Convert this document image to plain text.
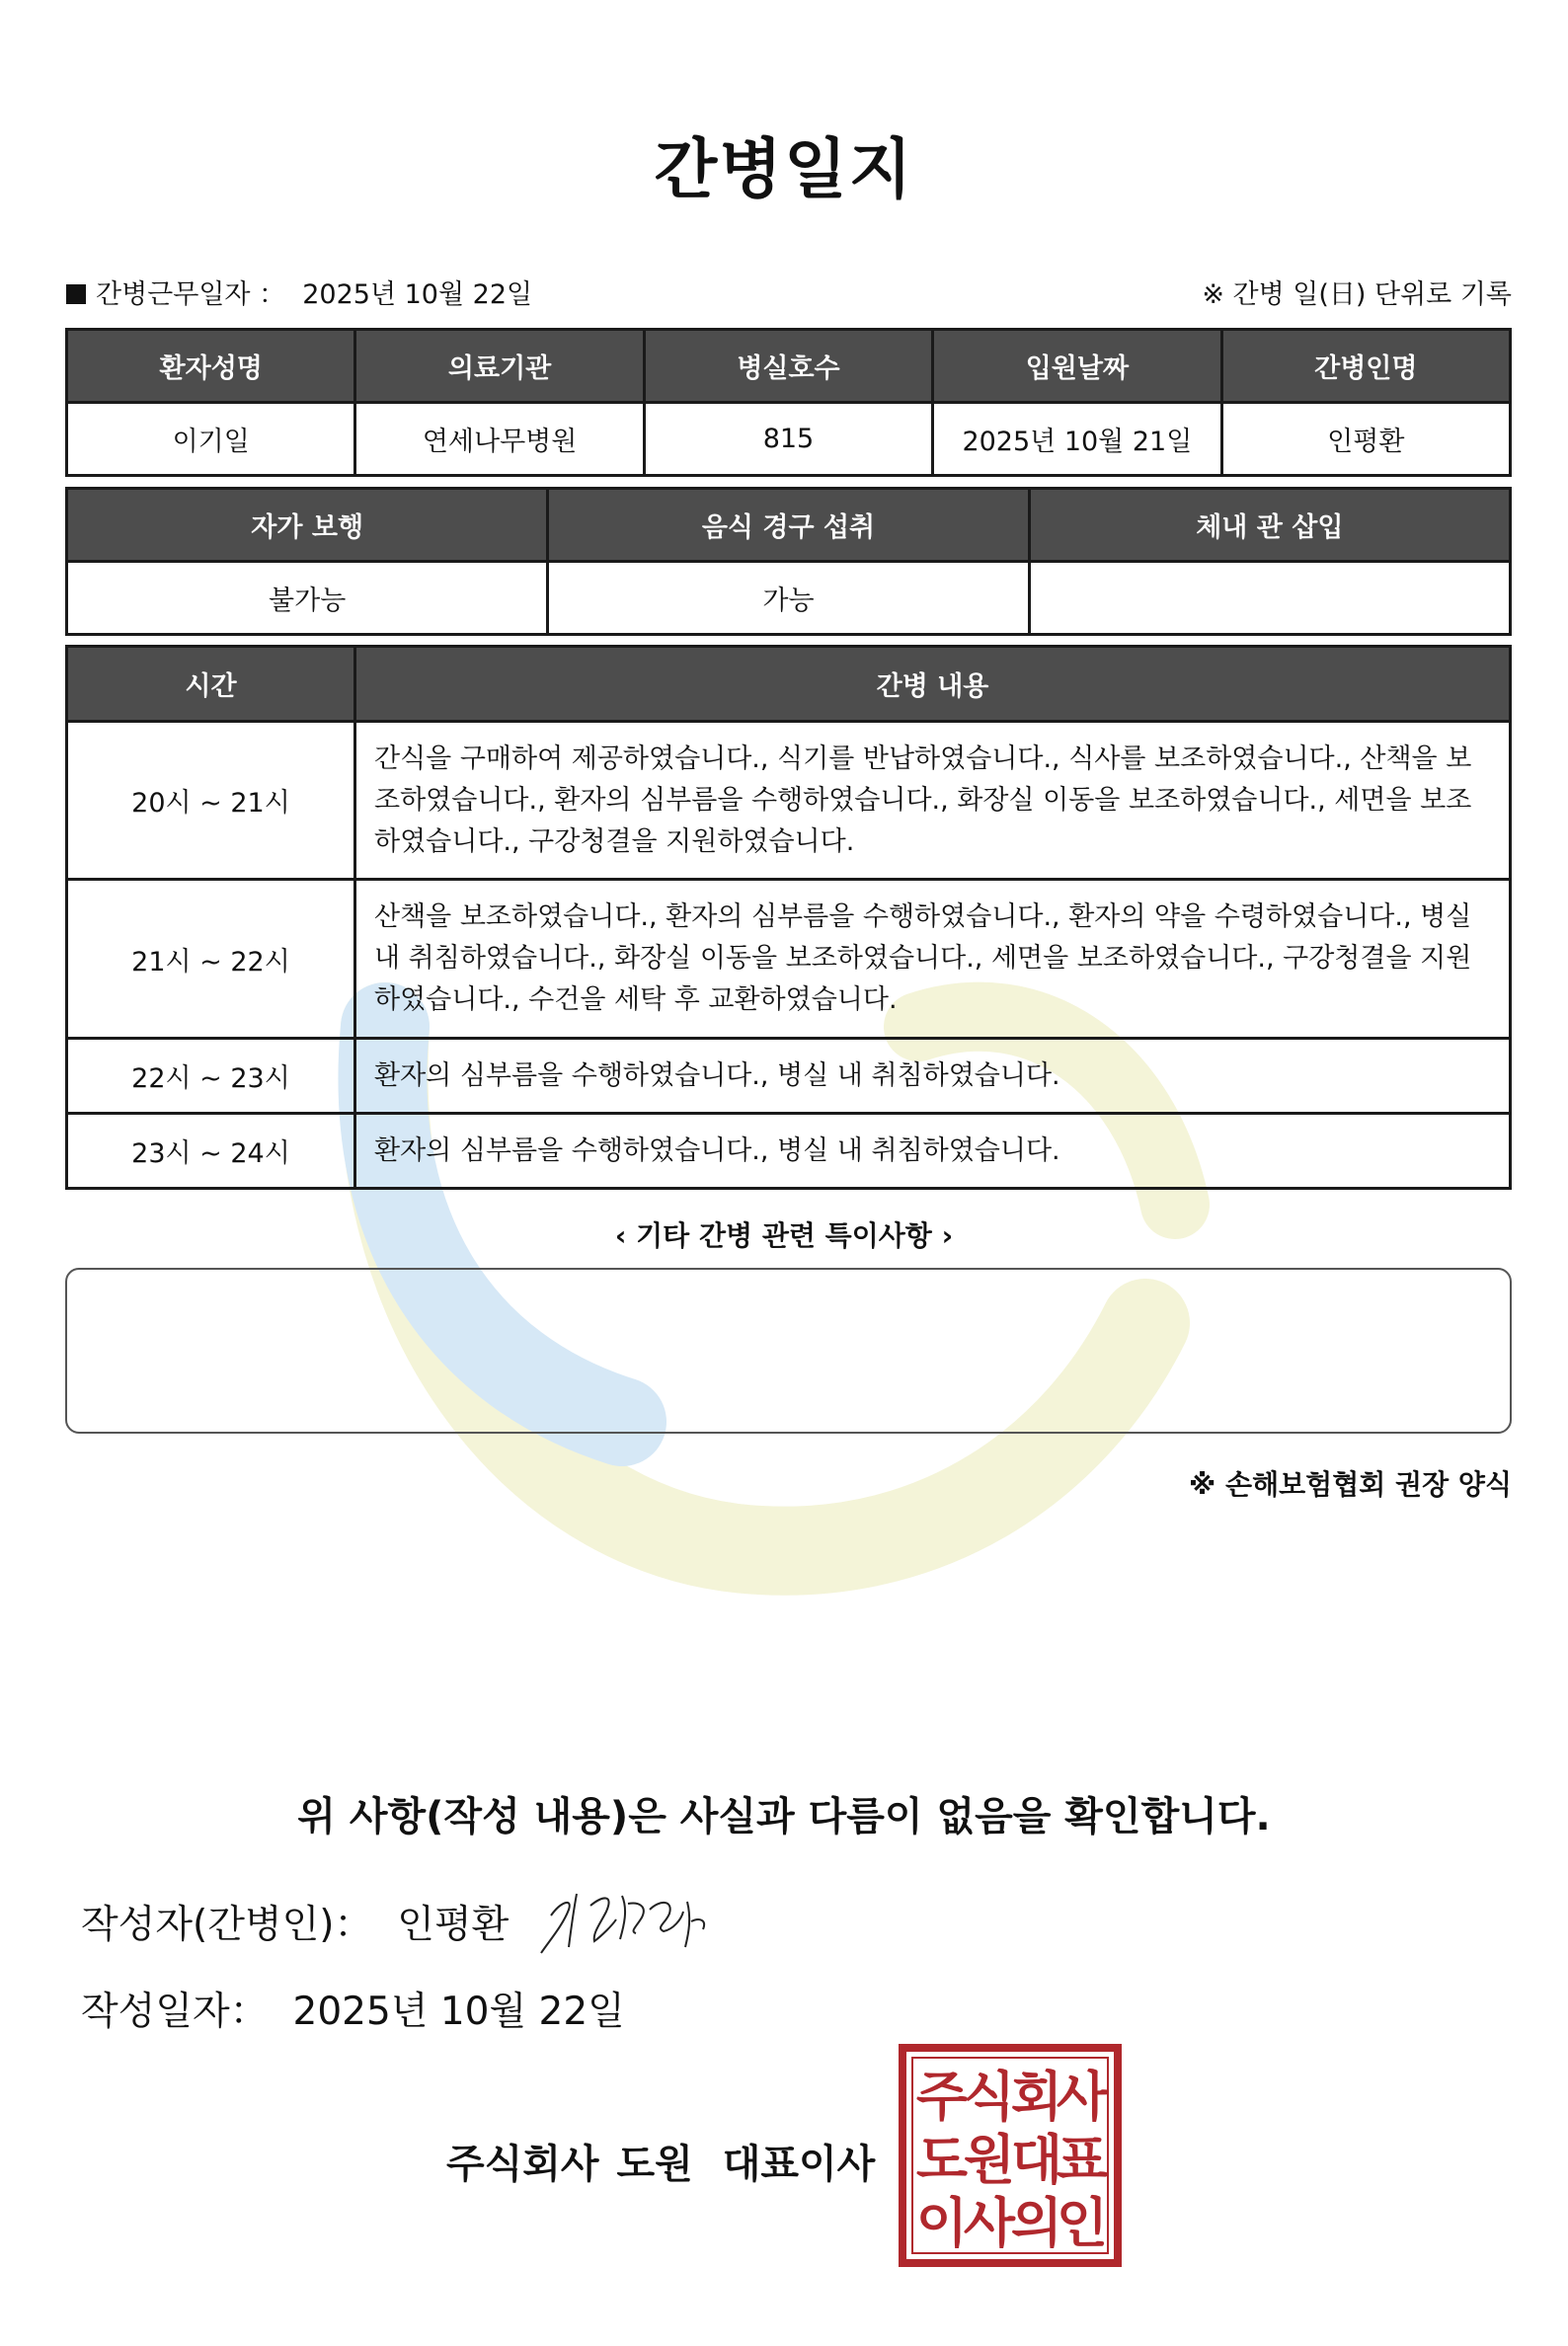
간병일지
간병근무일자 ： 2025년 10월 22일	※ 간병 일(日) 단위로 기록
환자성명	의료기관	병실호수	입원날짜	간병인명
이기일	연세나무병원	815	2025년 10월 21일	인평환
자가 보행	음식 경구 섭취	체내 관 삽입
불가능	가능	
시간	간병 내용
20시 ~ 21시	간식을 구매하여 제공하였습니다., 식기를 반납하였습니다., 식사를 보조하였습니다., 산책을 보조하였습니다., 환자의 심부름을 수행하였습니다., 화장실 이동을 보조하였습니다., 세면을 보조하였습니다., 구강청결을 지원하였습니다.
21시 ~ 22시	산책을 보조하였습니다., 환자의 심부름을 수행하였습니다., 환자의 약을 수령하였습니다., 병실 내 취침하였습니다., 화장실 이동을 보조하였습니다., 세면을 보조하였습니다., 구강청결을 지원하였습니다., 수건을 세탁 후 교환하였습니다.
22시 ~ 23시	환자의 심부름을 수행하였습니다., 병실 내 취침하였습니다.
23시 ~ 24시	환자의 심부름을 수행하였습니다., 병실 내 취침하였습니다.
‹ 기타 간병 관련 특이사항 ›
※ 손해보험협회 권장 양식
위 사항(작성 내용)은 사실과 다름이 없음을 확인합니다.
작성자(간병인)： 인평환
작성일자： 2025년 10월 22일
주식회사 도원 대표이사
주
식
회
사
도
원
대
표
이
사
의
인
